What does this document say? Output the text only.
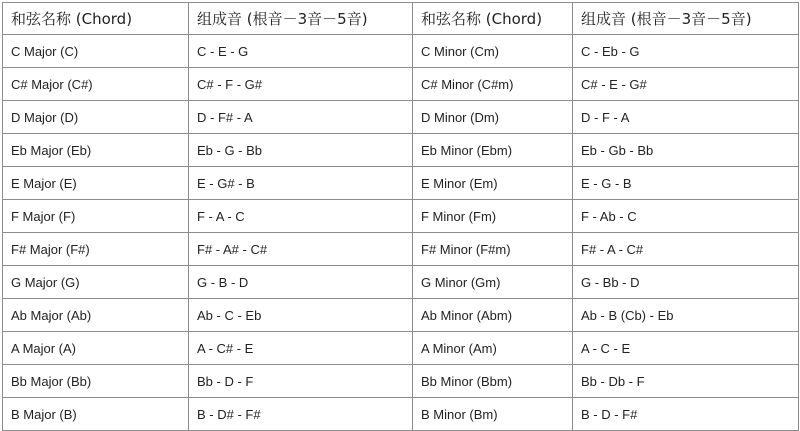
和弦名称 (Chord)	组成音 (根音－3音－5音)	和弦名称 (Chord)	组成音 (根音－3音－5音)
C Major (C)	C - E - G	C Minor (Cm)	C - Eb - G
C# Major (C#)	C# - F - G#	C# Minor (C#m)	C# - E - G#
D Major (D)	D - F# - A	D Minor (Dm)	D - F - A
Eb Major (Eb)	Eb - G - Bb	Eb Minor (Ebm)	Eb - Gb - Bb
E Major (E)	E - G# - B	E Minor (Em)	E - G - B
F Major (F)	F - A - C	F Minor (Fm)	F - Ab - C
F# Major (F#)	F# - A# - C#	F# Minor (F#m)	F# - A - C#
G Major (G)	G - B - D	G Minor (Gm)	G - Bb - D
Ab Major (Ab)	Ab - C - Eb	Ab Minor (Abm)	Ab - B (Cb) - Eb
A Major (A)	A - C# - E	A Minor (Am)	A - C - E
Bb Major (Bb)	Bb - D - F	Bb Minor (Bbm)	Bb - Db - F
B Major (B)	B - D# - F#	B Minor (Bm)	B - D - F#
